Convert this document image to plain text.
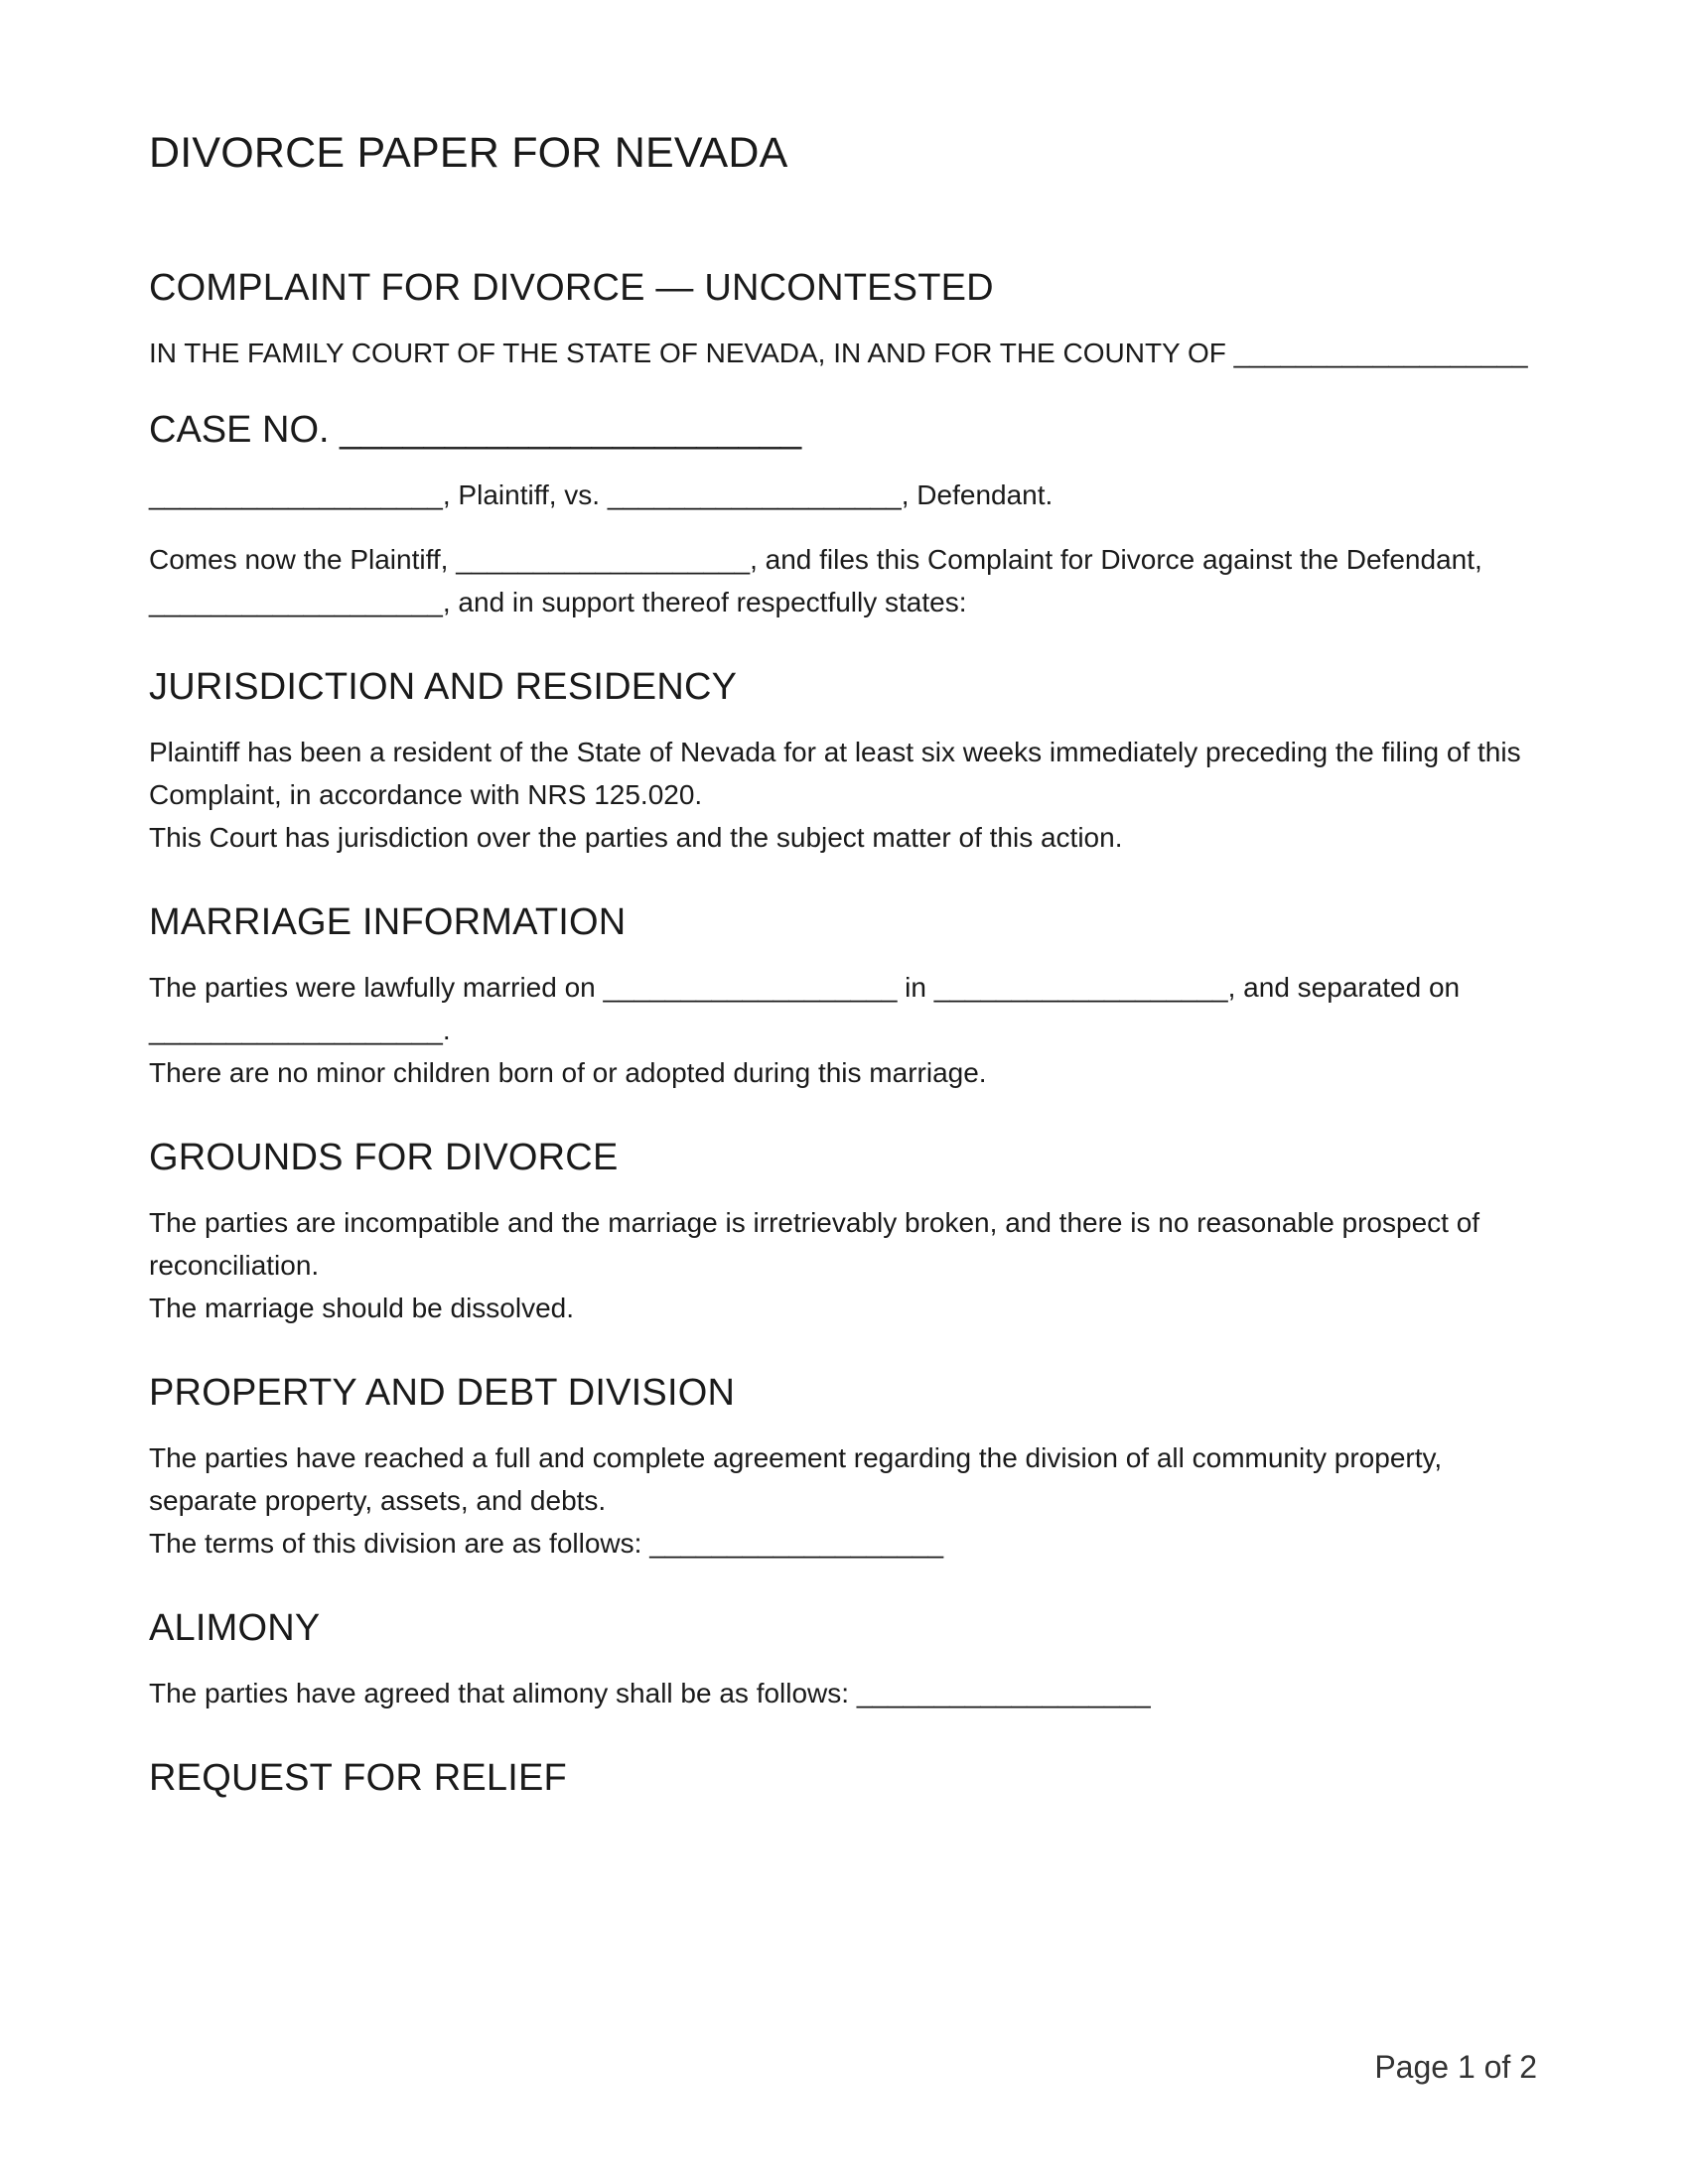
DIVORCE PAPER FOR NEVADA
COMPLAINT FOR DIVORCE — UNCONTESTED

IN THE FAMILY COURT OF THE STATE OF NEVADA, IN AND FOR THE COUNTY OF ___________________

CASE NO. ______________________

___________________, Plaintiff, vs. ___________________, Defendant.

Comes now the Plaintiff, ___________________, and files this Complaint for Divorce against the Defendant, ___________________, and in support thereof respectfully states:

JURISDICTION AND RESIDENCY

Plaintiff has been a resident of the State of Nevada for at least six weeks immediately preceding the filing of this Complaint, in accordance with NRS 125.020.

This Court has jurisdiction over the parties and the subject matter of this action.

MARRIAGE INFORMATION

The parties were lawfully married on ___________________ in ___________________, and separated on ___________________.

There are no minor children born of or adopted during this marriage.

GROUNDS FOR DIVORCE

The parties are incompatible and the marriage is irretrievably broken, and there is no reasonable prospect of reconciliation.

The marriage should be dissolved.

PROPERTY AND DEBT DIVISION

The parties have reached a full and complete agreement regarding the division of all community property, separate property, assets, and debts.

The terms of this division are as follows: ___________________

ALIMONY

The parties have agreed that alimony shall be as follows: ___________________

REQUEST FOR RELIEF
Page 1 of 2
